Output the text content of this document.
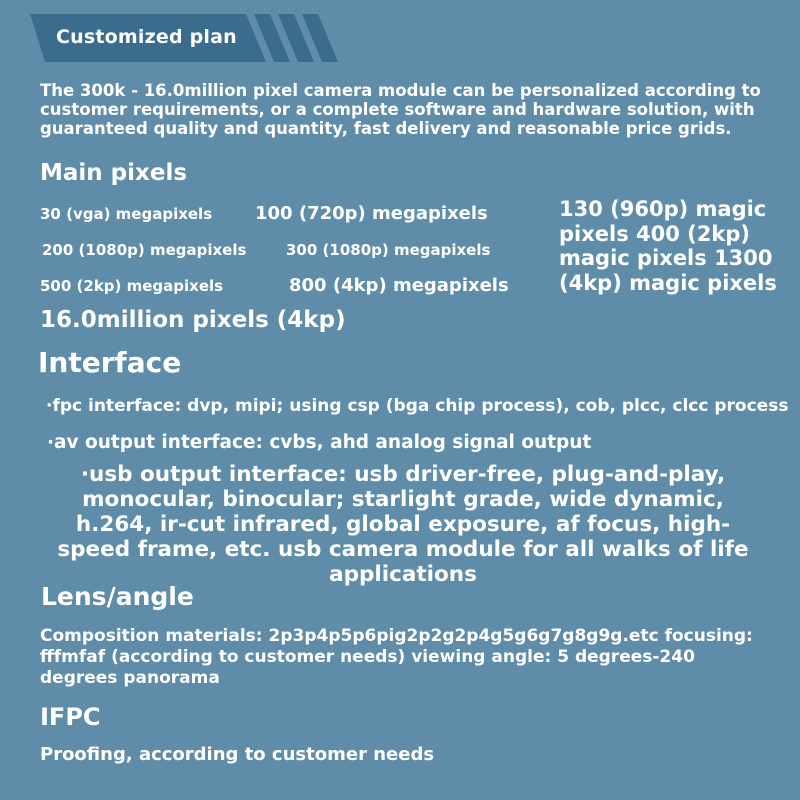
Customized plan
The 300k - 16.0million pixel camera module can be personalized according to customer requirements, or a complete software and hardware solution, with guaranteed quality and quantity, fast delivery and reasonable price grids.
Main pixels
30 (vga) megapixels 100 (720p) megapixels
200 (1080p) megapixels	300 (1080p) megapixels
500 (2kp) megapixels	800 (4kp) megapixels
130 (960p) magic pixels 400 (2kp) magic pixels 1300 (4kp) magic pixels
16.0million pixels (4kp)
Interface
·fpc interface: dvp, mipi; using csp (bga chip process), cob, plcc, clcc process
·av output interface: cvbs, ahd analog signal output
·usb output interface: usb driver-free, plug-and-play, monocular, binocular; starlight grade, wide dynamic, h.264, ir-cut infrared, global exposure, af focus, high-speed frame, etc. usb camera module for all walks of life applications
Lens/angle
Composition materials: 2p3p4p5p6pig2p2g2p4g5g6g7g8g9g.etc focusing: fffmfaf (according to customer needs) viewing angle: 5 degrees-240 degrees panorama
IFPC
Proofing, according to customer needs
